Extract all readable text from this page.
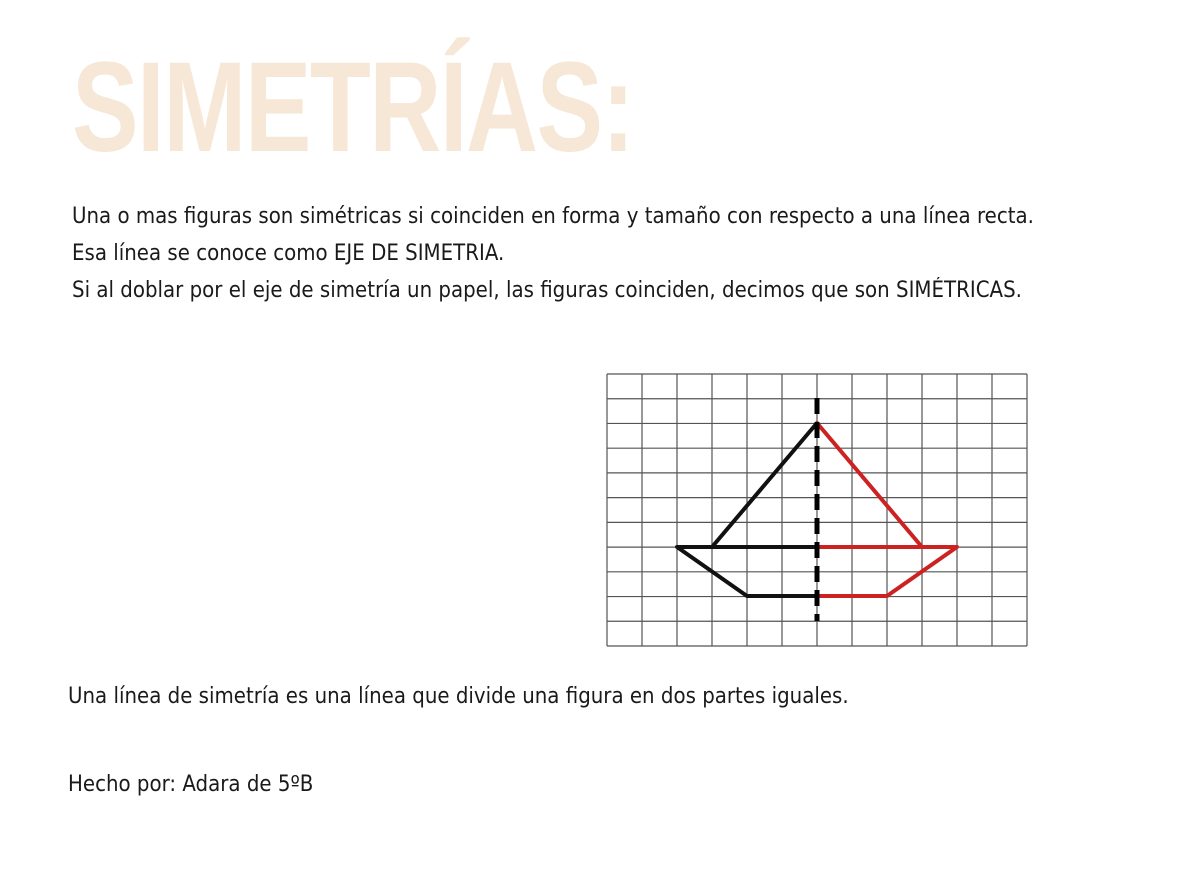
SIMETRÍAS:

Una o mas figuras son simétricas si coinciden en forma y tamaño con respecto a una línea recta.

Esa línea se conoce como EJE DE SIMETRIA.

Si al doblar por el eje de simetría un papel, las figuras coinciden, decimos que son SIMÉTRICAS.

Una línea de simetría es una línea que divide una figura en dos partes iguales.

Hecho por: Adara de 5ºB
